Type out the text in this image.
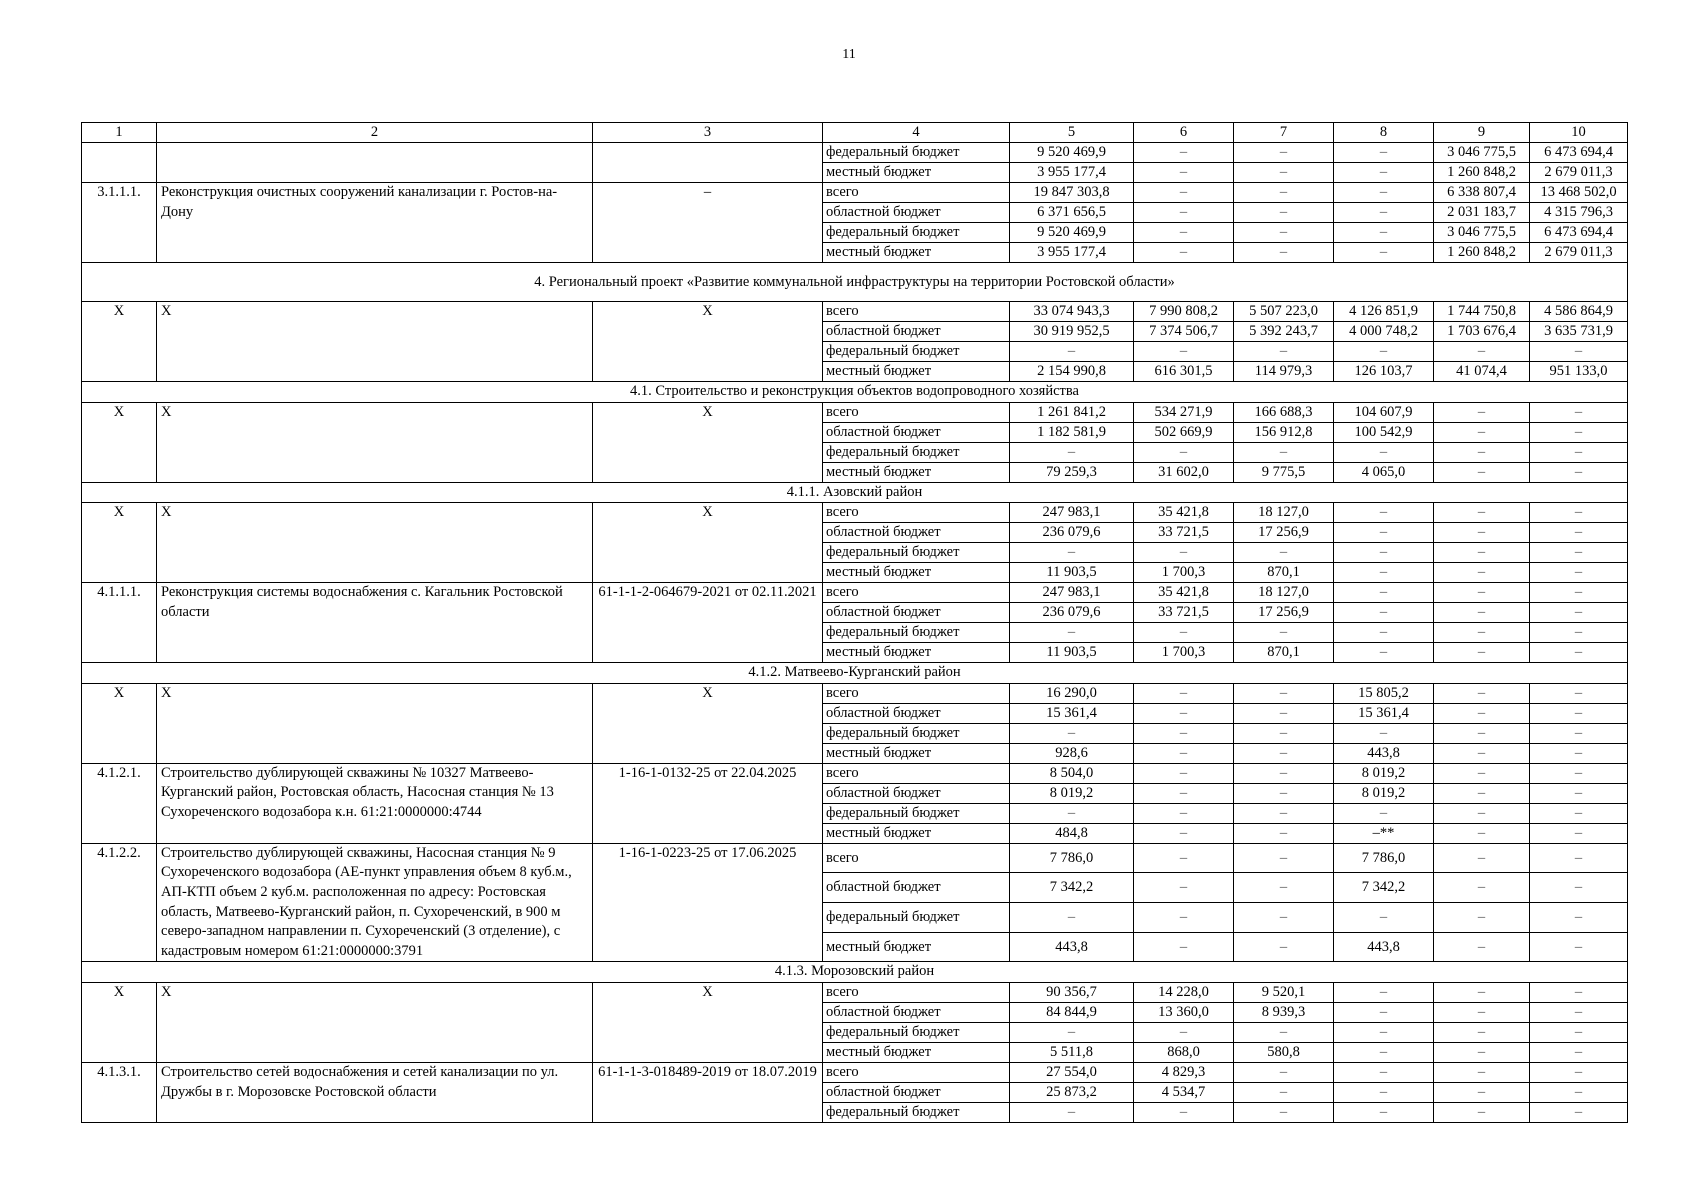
11
1	2	3	4	5	6	7	8	9	10
			федеральный бюджет	9 520 469,9	–	–	–	3 046 775,5	6 473 694,4
			местный бюджет	3 955 177,4	–	–	–	1 260 848,2	2 679 011,3
3.1.1.1.	Реконструкция очистных сооружений канализации г. Ростов-на-Дону	–	всего	19 847 303,8	–	–	–	6 338 807,4	13 468 502,0
			областной бюджет	6 371 656,5	–	–	–	2 031 183,7	4 315 796,3
			федеральный бюджет	9 520 469,9	–	–	–	3 046 775,5	6 473 694,4
			местный бюджет	3 955 177,4	–	–	–	1 260 848,2	2 679 011,3
4. Региональный проект «Развитие коммунальной инфраструктуры на территории Ростовской области»									
Х	Х	Х	всего	33 074 943,3	7 990 808,2	5 507 223,0	4 126 851,9	1 744 750,8	4 586 864,9
			областной бюджет	30 919 952,5	7 374 506,7	5 392 243,7	4 000 748,2	1 703 676,4	3 635 731,9
			федеральный бюджет	–	–	–	–	–	–
			местный бюджет	2 154 990,8	616 301,5	114 979,3	126 103,7	41 074,4	951 133,0
4.1. Строительство и реконструкция объектов водопроводного хозяйства									
Х	Х	Х	всего	1 261 841,2	534 271,9	166 688,3	104 607,9	–	–
			областной бюджет	1 182 581,9	502 669,9	156 912,8	100 542,9	–	–
			федеральный бюджет	–	–	–	–	–	–
			местный бюджет	79 259,3	31 602,0	9 775,5	4 065,0	–	–
4.1.1. Азовский район									
Х	Х	Х	всего	247 983,1	35 421,8	18 127,0	–	–	–
			областной бюджет	236 079,6	33 721,5	17 256,9	–	–	–
			федеральный бюджет	–	–	–	–	–	–
			местный бюджет	11 903,5	1 700,3	870,1	–	–	–
4.1.1.1.	Реконструкция системы водоснабжения с. Кагальник Ростовской области	61-1-1-2-064679-2021 от 02.11.2021	всего	247 983,1	35 421,8	18 127,0	–	–	–
			областной бюджет	236 079,6	33 721,5	17 256,9	–	–	–
			федеральный бюджет	–	–	–	–	–	–
			местный бюджет	11 903,5	1 700,3	870,1	–	–	–
4.1.2. Матвеево-Курганский район									
Х	Х	Х	всего	16 290,0	–	–	15 805,2	–	–
			областной бюджет	15 361,4	–	–	15 361,4	–	–
			федеральный бюджет	–	–	–	–	–	–
			местный бюджет	928,6	–	–	443,8	–	–
4.1.2.1.	Строительство дублирующей скважины № 10327 Матвеево-Курганский район, Ростовская область, Насосная станция № 13 Сухореченского водозабора к.н. 61:21:0000000:4744	1-16-1-0132-25 от 22.04.2025	всего	8 504,0	–	–	8 019,2	–	–
			областной бюджет	8 019,2	–	–	8 019,2	–	–
			федеральный бюджет	–	–	–	–	–	–
			местный бюджет	484,8	–	–	–**	–	–
4.1.2.2.	Строительство дублирующей скважины, Насосная станция № 9 Сухореченского водозабора (АЕ-пункт управления объем 8 куб.м., АП-КТП объем 2 куб.м. расположенная по адресу: Ростовская область, Матвеево-Курганский район, п. Сухореченский, в 900 м северо-западном направлении п. Сухореченский (3 отделение), с кадастровым номером 61:21:0000000:3791	1-16-1-0223-25 от 17.06.2025	всего	7 786,0	–	–	7 786,0	–	–
			областной бюджет	7 342,2	–	–	7 342,2	–	–
			федеральный бюджет	–	–	–	–	–	–
			местный бюджет	443,8	–	–	443,8	–	–
4.1.3. Морозовский район									
Х	Х	Х	всего	90 356,7	14 228,0	9 520,1	–	–	–
			областной бюджет	84 844,9	13 360,0	8 939,3	–	–	–
			федеральный бюджет	–	–	–	–	–	–
			местный бюджет	5 511,8	868,0	580,8	–	–	–
4.1.3.1.	Строительство сетей водоснабжения и сетей канализации по ул. Дружбы в г. Морозовске Ростовской области	61-1-1-3-018489-2019 от 18.07.2019	всего	27 554,0	4 829,3	–	–	–	–
			областной бюджет	25 873,2	4 534,7	–	–	–	–
			федеральный бюджет	–	–	–	–	–	–
